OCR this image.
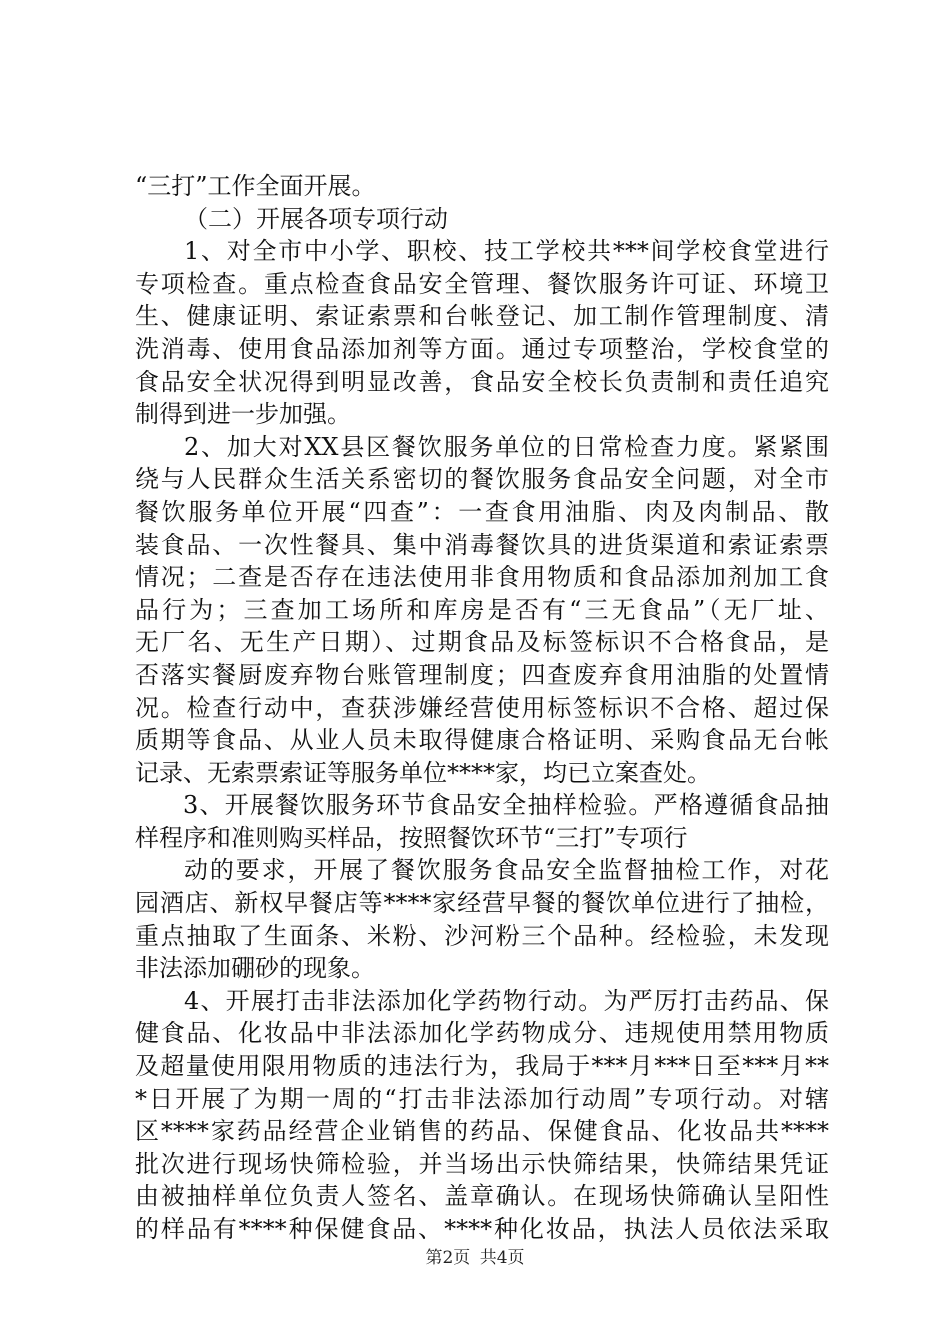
“三打”工作全面开展。
（二）开展各项专项行动
1、对全市中小学、职校、技工学校共***间学校食堂进行
专项检查。重点检查食品安全管理、餐饮服务许可证、环境卫
生、健康证明、索证索票和台帐登记、加工制作管理制度、清
洗消毒、使用食品添加剂等方面。通过专项整治，学校食堂的
食品安全状况得到明显改善，食品安全校长负责制和责任追究
制得到进一步加强。
2、加大对XX县区餐饮服务单位的日常检查力度。紧紧围
绕与人民群众生活关系密切的餐饮服务食品安全问题，对全市
餐饮服务单位开展“四查”：一查食用油脂、肉及肉制品、散
装食品、一次性餐具、集中消毒餐饮具的进货渠道和索证索票
情况；二查是否存在违法使用非食用物质和食品添加剂加工食
品行为；三查加工场所和库房是否有“三无食品”（无厂址、
无厂名、无生产日期）、过期食品及标签标识不合格食品，是
否落实餐厨废弃物台账管理制度；四查废弃食用油脂的处置情
况。检查行动中，查获涉嫌经营使用标签标识不合格、超过保
质期等食品、从业人员未取得健康合格证明、采购食品无台帐
记录、无索票索证等服务单位****家，均已立案查处。
3、开展餐饮服务环节食品安全抽样检验。严格遵循食品抽
样程序和准则购买样品，按照餐饮环节“三打”专项行
动的要求，开展了餐饮服务食品安全监督抽检工作，对花
园酒店、新权早餐店等****家经营早餐的餐饮单位进行了抽检，
重点抽取了生面条、米粉、沙河粉三个品种。经检验，未发现
非法添加硼砂的现象。
4、开展打击非法添加化学药物行动。为严厉打击药品、保
健食品、化妆品中非法添加化学药物成分、违规使用禁用物质
及超量使用限用物质的违法行为，我局于***月***日至***月**
*日开展了为期一周的“打击非法添加行动周”专项行动。对辖
区****家药品经营企业销售的药品、保健食品、化妆品共****
批次进行现场快筛检验，并当场出示快筛结果，快筛结果凭证
由被抽样单位负责人签名、盖章确认。在现场快筛确认呈阳性
的样品有****种保健食品、****种化妆品，执法人员依法采取
第2页 共4页
